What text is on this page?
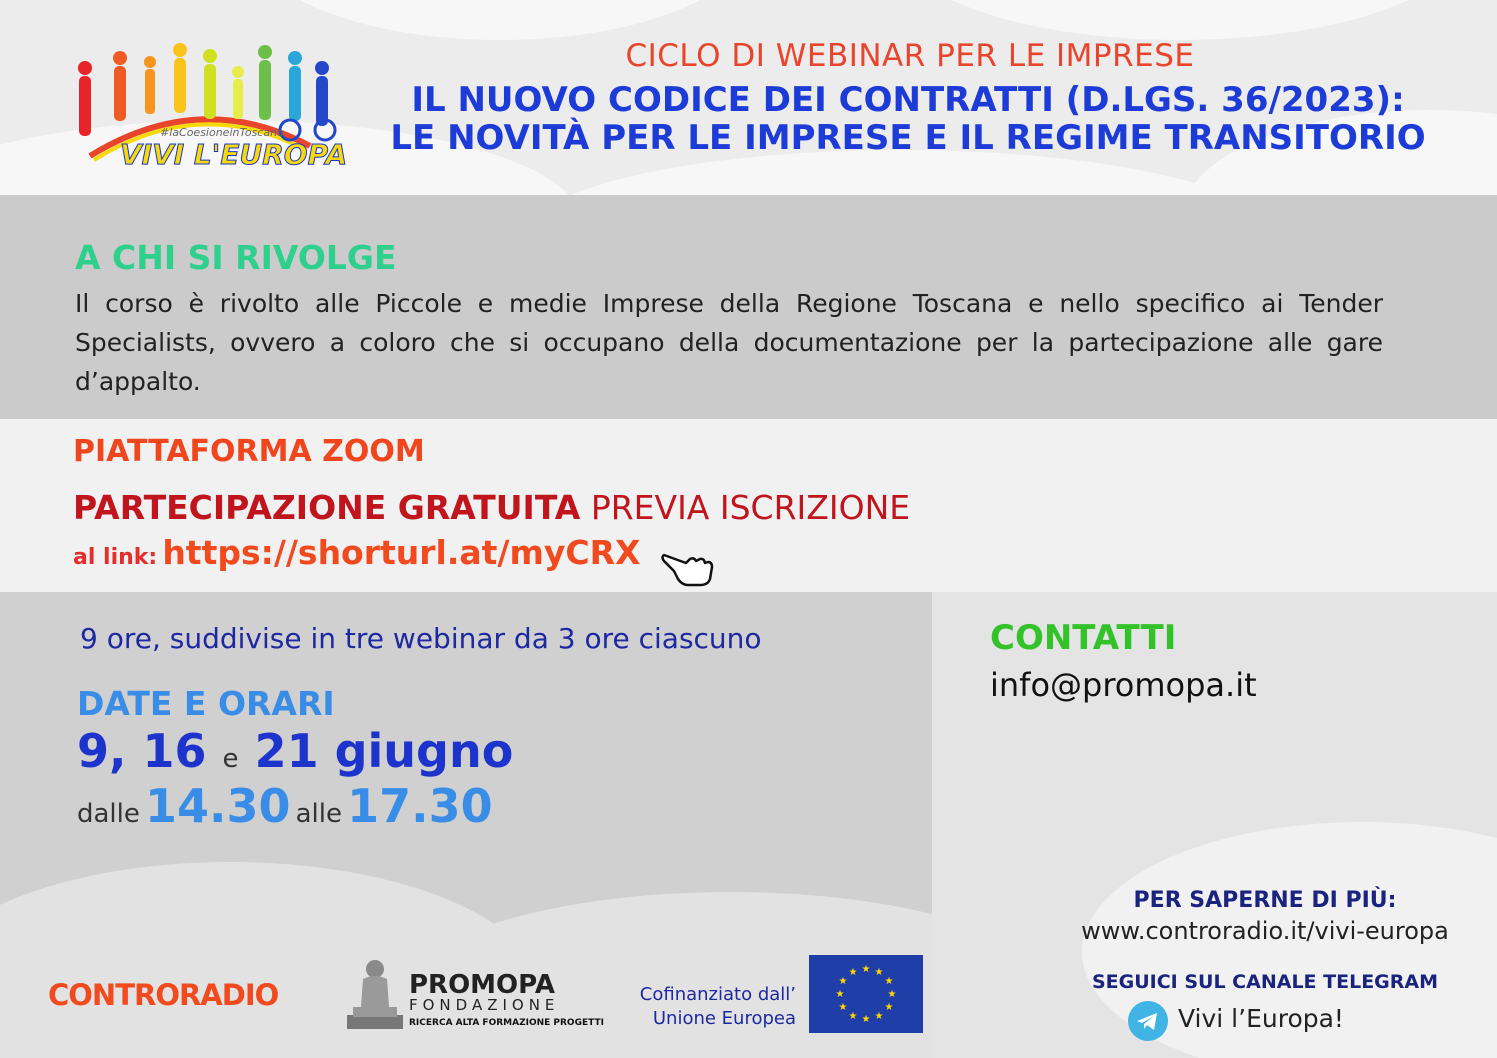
#laCoesioneinToscana
VIVI L'EUROPA
CICLO DI WEBINAR PER LE IMPRESE
IL NUOVO CODICE DEI CONTRATTI (D.LGS. 36/2023):
LE NOVITÀ PER LE IMPRESE E IL REGIME TRANSITORIO
A CHI SI RIVOLGE
Il corso è rivolto alle Piccole e medie Imprese della Regione Toscana e nello specifico ai Tender Specialists, ovvero a coloro che si occupano della documentazione per la partecipazione alle gare d’appalto.
PIATTAFORMA ZOOM
PARTECIPAZIONE GRATUITA PREVIA ISCRIZIONE
al link: https://shorturl.at/myCRX
9 ore, suddivise in tre webinar da 3 ore ciascuno
DATE E ORARI
9, 16 e 21 giugno
dalle 14.30 alle 17.30
CONTATTI
info@promopa.it
PER SAPERNE DI PIÙ:
www.controradio.it/vivi-europa
SEGUICI SUL CANALE TELEGRAM
Vivi l’Europa!
CONTRORADIO	PROMOPA
FONDAZIONE
RICERCA ALTA FORMAZIONE PROGETTI
Cofinanziato dall’
Unione Europea
★ ★
★
★
★
★
★
★
★
★
★
★
